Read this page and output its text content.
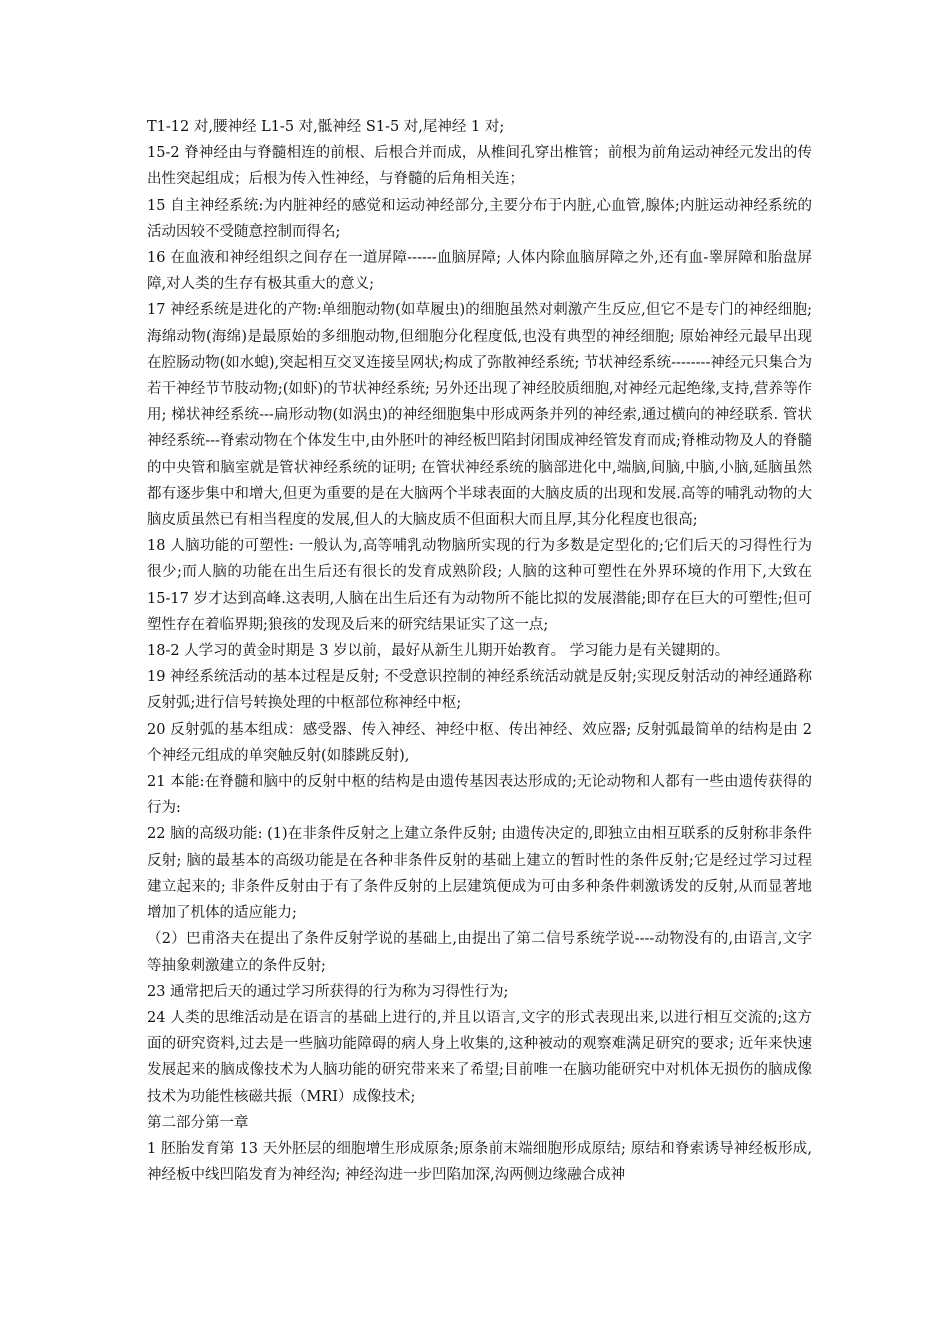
T1-12 对,腰神经 L1-5 对,骶神经 S1-5 对,尾神经 1 对;

15-2 脊神经由与脊髓相连的前根、后根合并而成，从椎间孔穿出椎管；前根为前角运动神经元发出的传出性突起组成；后根为传入性神经，与脊髓的后角相关连；

15 自主神经系统:为内脏神经的感觉和运动神经部分,主要分布于内脏,心血管,腺体;内脏运动神经系统的活动因较不受随意控制而得名;

16 在血液和神经组织之间存在一道屏障------血脑屏障; 人体内除血脑屏障之外,还有血-睾屏障和胎盘屏障,对人类的生存有极其重大的意义;

17 神经系统是进化的产物:单细胞动物(如草履虫)的细胞虽然对刺激产生反应,但它不是专门的神经细胞; 海绵动物(海绵)是最原始的多细胞动物,但细胞分化程度低,也没有典型的神经细胞; 原始神经元最早出现在腔肠动物(如水螅),突起相互交叉连接呈网状;构成了弥散神经系统; 节状神经系统--------神经元只集合为若干神经节节肢动物;(如虾)的节状神经系统; 另外还出现了神经胶质细胞,对神经元起绝缘,支持,营养等作用; 梯状神经系统---扁形动物(如涡虫)的神经细胞集中形成两条并列的神经索,通过横向的神经联系. 管状神经系统---脊索动物在个体发生中,由外胚叶的神经板凹陷封闭围成神经管发育而成;脊椎动物及人的脊髓的中央管和脑室就是管状神经系统的证明; 在管状神经系统的脑部进化中,端脑,间脑,中脑,小脑,延脑虽然都有逐步集中和增大,但更为重要的是在大脑两个半球表面的大脑皮质的出现和发展.高等的哺乳动物的大脑皮质虽然已有相当程度的发展,但人的大脑皮质不但面积大而且厚,其分化程度也很高;

18 人脑功能的可塑性: 一般认为,高等哺乳动物脑所实现的行为多数是定型化的;它们后天的习得性行为很少;而人脑的功能在出生后还有很长的发育成熟阶段; 人脑的这种可塑性在外界环境的作用下,大致在 15-17 岁才达到高峰.这表明,人脑在出生后还有为动物所不能比拟的发展潜能;即存在巨大的可塑性;但可塑性存在着临界期;狼孩的发现及后来的研究结果证实了这一点;

18-2 人学习的黄金时期是 3 岁以前，最好从新生儿期开始教育。 学习能力是有关键期的。

19 神经系统活动的基本过程是反射; 不受意识控制的神经系统活动就是反射;实现反射活动的神经通路称反射弧;进行信号转换处理的中枢部位称神经中枢;

20 反射弧的基本组成：感受器、传入神经、神经中枢、传出神经、效应器; 反射弧最简单的结构是由 2 个神经元组成的单突触反射(如膝跳反射),

21 本能:在脊髓和脑中的反射中枢的结构是由遗传基因表达形成的;无论动物和人都有一些由遗传获得的行为:

22 脑的高级功能: (1)在非条件反射之上建立条件反射; 由遗传决定的,即独立由相互联系的反射称非条件反射; 脑的最基本的高级功能是在各种非条件反射的基础上建立的暂时性的条件反射;它是经过学习过程建立起来的; 非条件反射由于有了条件反射的上层建筑便成为可由多种条件刺激诱发的反射,从而显著地增加了机体的适应能力;

（2）巴甫洛夫在提出了条件反射学说的基础上,由提出了第二信号系统学说----动物没有的,由语言,文字等抽象刺激建立的条件反射;

23 通常把后天的通过学习所获得的行为称为习得性行为;

24 人类的思维活动是在语言的基础上进行的,并且以语言,文字的形式表现出来,以进行相互交流的;这方面的研究资料,过去是一些脑功能障碍的病人身上收集的,这种被动的观察难满足研究的要求; 近年来快速发展起来的脑成像技术为人脑功能的研究带来来了希望;目前唯一在脑功能研究中对机体无损伤的脑成像技术为功能性核磁共振（MRI）成像技术;

第二部分第一章

1 胚胎发育第 13 天外胚层的细胞增生形成原条;原条前末端细胞形成原结; 原结和脊索诱导神经板形成,神经板中线凹陷发育为神经沟; 神经沟进一步凹陷加深,沟两侧边缘融合成神
